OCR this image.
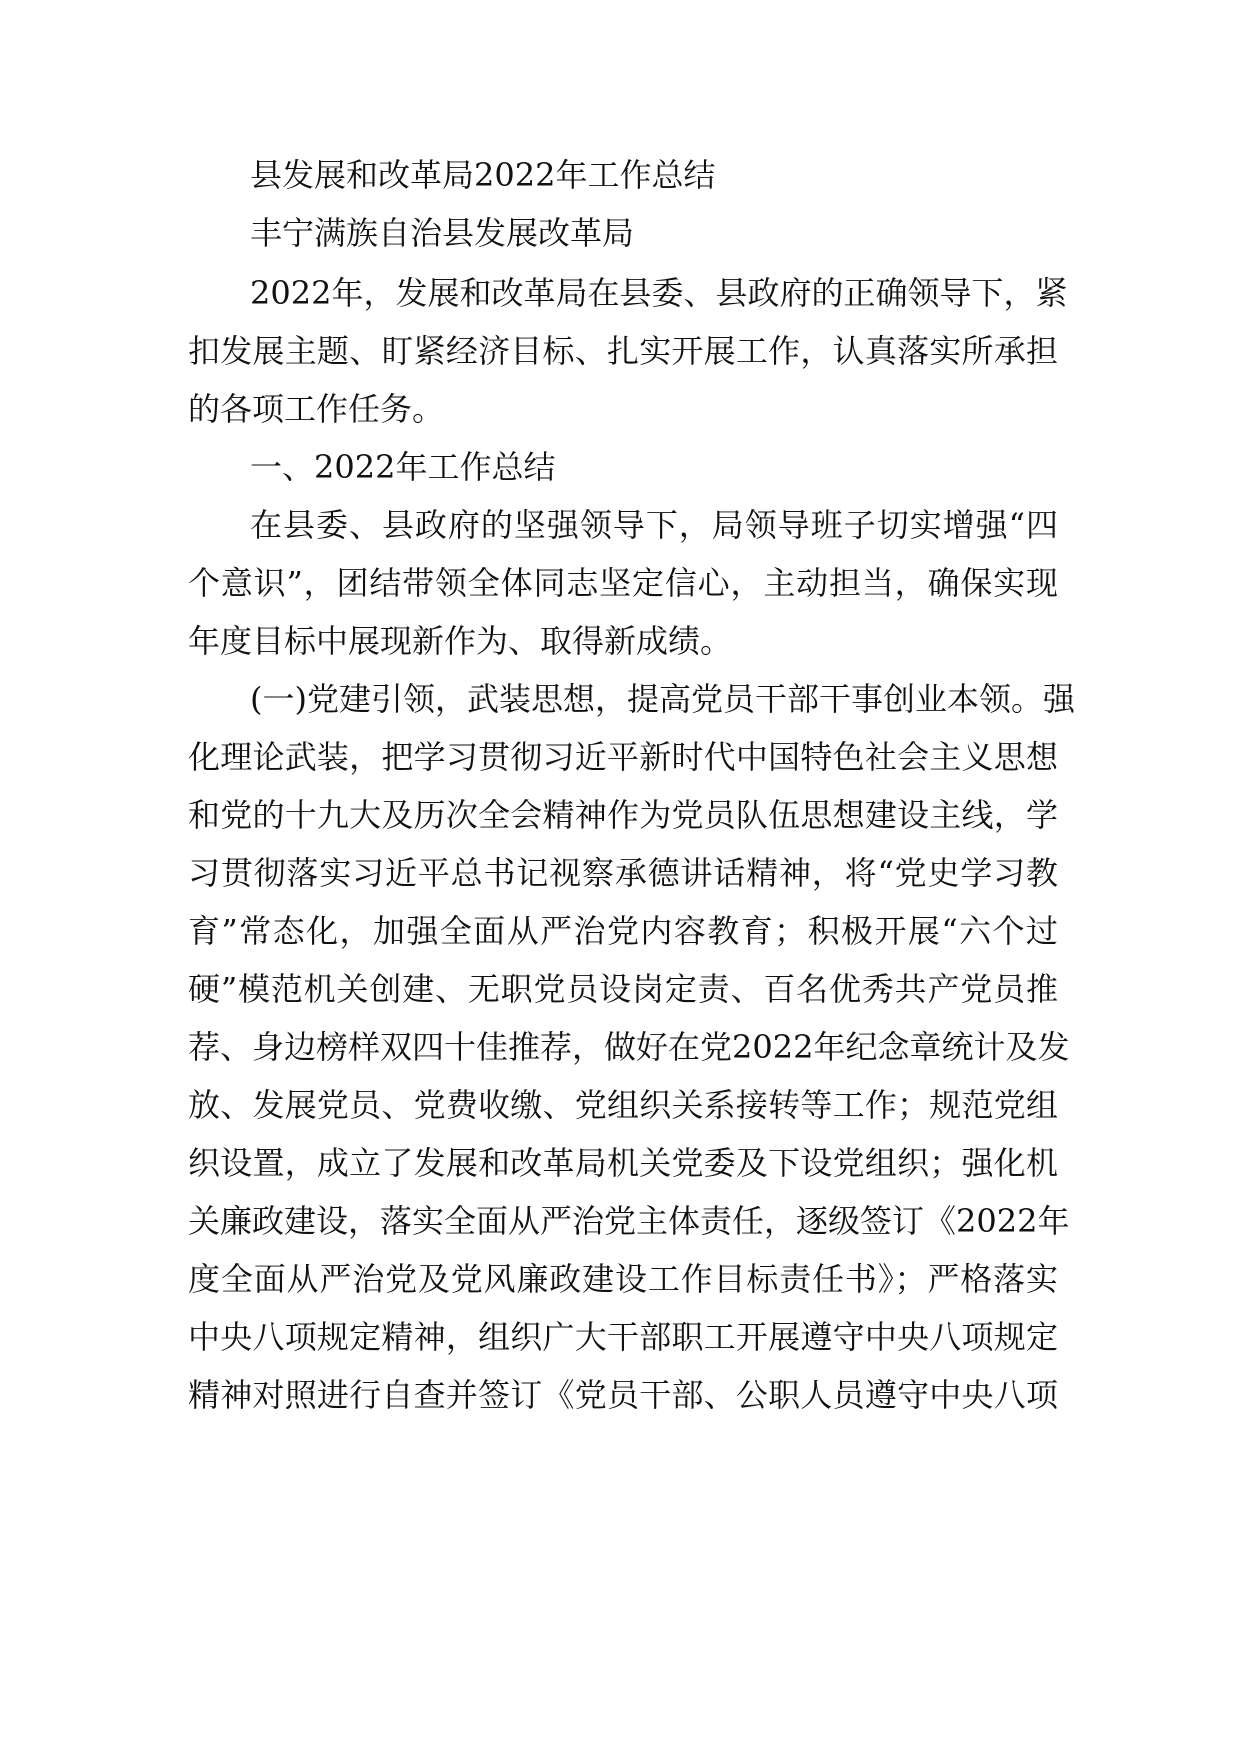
县发展和改革局2022年工作总结
丰宁满族自治县发展改革局
2022年，发展和改革局在县委、县政府的正确领导下，紧
扣发展主题、盯紧经济目标、扎实开展工作，认真落实所承担
的各项工作任务。
一、2022年工作总结
在县委、县政府的坚强领导下，局领导班子切实增强“四
个意识”，团结带领全体同志坚定信心，主动担当，确保实现
年度目标中展现新作为、取得新成绩。
(一)党建引领，武装思想，提高党员干部干事创业本领。强
化理论武装，把学习贯彻习近平新时代中国特色社会主义思想
和党的十九大及历次全会精神作为党员队伍思想建设主线，学
习贯彻落实习近平总书记视察承德讲话精神，将“党史学习教
育”常态化，加强全面从严治党内容教育；积极开展“六个过
硬”模范机关创建、无职党员设岗定责、百名优秀共产党员推
荐、身边榜样双四十佳推荐，做好在党2022年纪念章统计及发
放、发展党员、党费收缴、党组织关系接转等工作；规范党组
织设置，成立了发展和改革局机关党委及下设党组织；强化机
关廉政建设，落实全面从严治党主体责任，逐级签订《2022年
度全面从严治党及党风廉政建设工作目标责任书》；严格落实
中央八项规定精神，组织广大干部职工开展遵守中央八项规定
精神对照进行自查并签订《党员干部、公职人员遵守中央八项
